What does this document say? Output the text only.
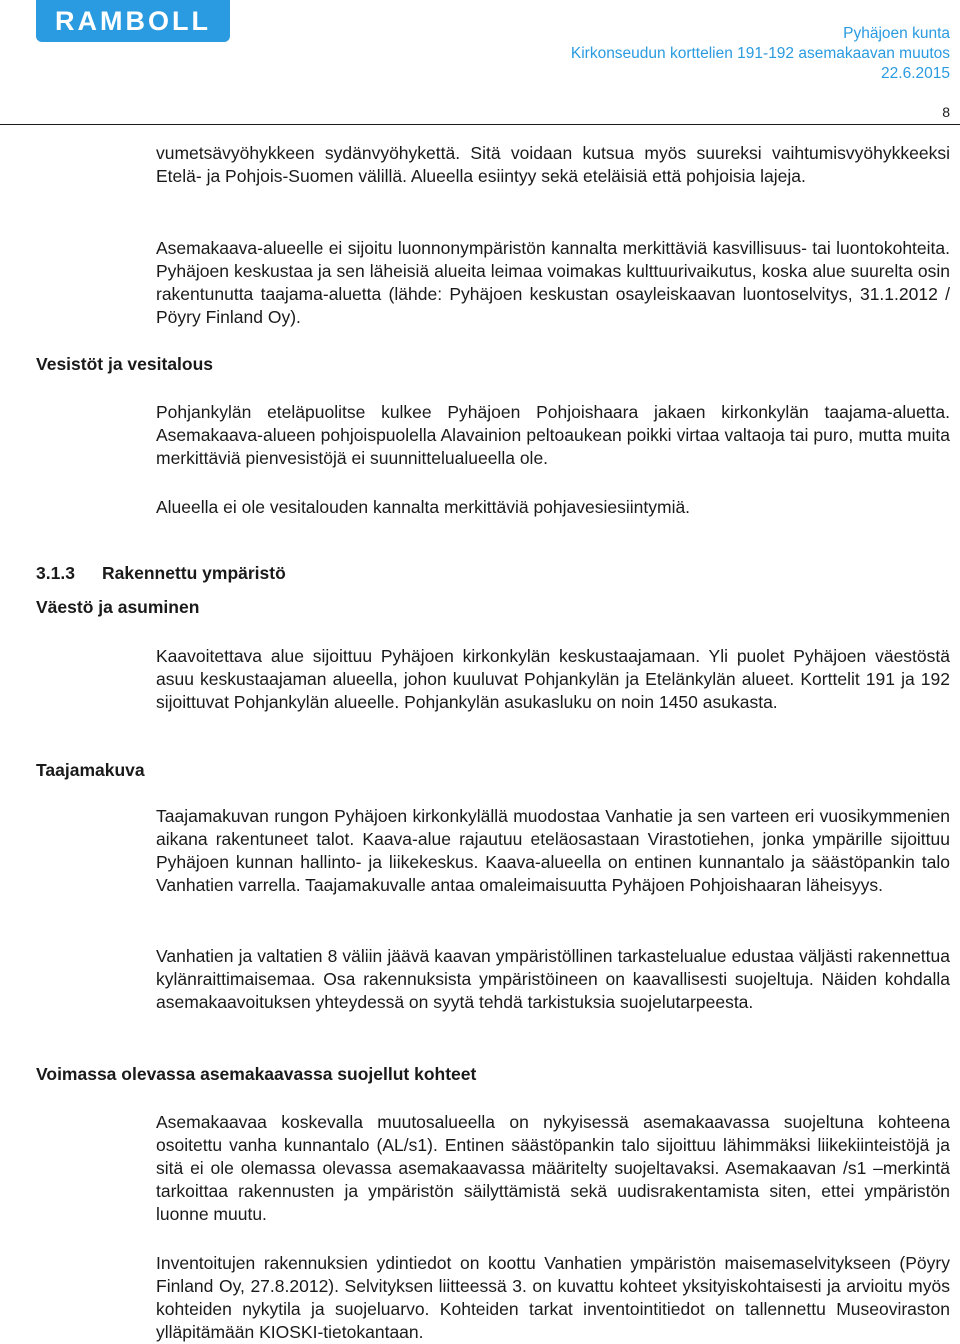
RAMBOLL	Pyhäjoen kunta
Kirkonseudun korttelien 191-192 asemakaavan muutos
22.6.2015
8
vumetsävyöhykkeen sydänvyöhykettä. Sitä voidaan kutsua myös suureksi vaihtumisvyöhykkeeksi Etelä- ja Pohjois-Suomen välillä. Alueella esiintyy sekä eteläisiä että pohjoisia lajeja.
Asemakaava-alueelle ei sijoitu luonnonympäristön kannalta merkittäviä kasvillisuus- tai luontokohteita. Pyhäjoen keskustaa ja sen läheisiä alueita leimaa voimakas kulttuurivaikutus, koska alue suurelta osin rakentunutta taajama-aluetta (lähde: Pyhäjoen keskustan osayleiskaavan luontoselvitys, 31.1.2012 / Pöyry Finland Oy).
Vesistöt ja vesitalous
Pohjankylän eteläpuolitse kulkee Pyhäjoen Pohjoishaara jakaen kirkonkylän taajama-aluetta. Asemakaava-alueen pohjoispuolella Alavainion peltoaukean poikki virtaa valtaoja tai puro, mutta muita merkittäviä pienvesistöjä ei suunnittelualueella ole.
Alueella ei ole vesitalouden kannalta merkittäviä pohjavesiesiintymiä.
3.1.3 Rakennettu ympäristö
Väestö ja asuminen
Kaavoitettava alue sijoittuu Pyhäjoen kirkonkylän keskustaajamaan. Yli puolet Pyhäjoen väestöstä asuu keskustaajaman alueella, johon kuuluvat Pohjankylän ja Etelänkylän alueet. Korttelit 191 ja 192 sijoittuvat Pohjankylän alueelle. Pohjankylän asukasluku on noin 1450 asukasta.
Taajamakuva
Taajamakuvan rungon Pyhäjoen kirkonkylällä muodostaa Vanhatie ja sen varteen eri vuosikymmenien aikana rakentuneet talot. Kaava-alue rajautuu eteläosastaan Virastotiehen, jonka ympärille sijoittuu Pyhäjoen kunnan hallinto- ja liikekeskus. Kaava-alueella on entinen kunnantalo ja säästöpankin talo Vanhatien varrella. Taajamakuvalle antaa omaleimaisuutta Pyhäjoen Pohjoishaaran läheisyys.
Vanhatien ja valtatien 8 väliin jäävä kaavan ympäristöllinen tarkastelualue edustaa väljästi rakennettua kylänraittimaisemaa. Osa rakennuksista ympäristöineen on kaavallisesti suojeltuja. Näiden kohdalla asemakaavoituksen yhteydessä on syytä tehdä tarkistuksia suojelutarpeesta.
Voimassa olevassa asemakaavassa suojellut kohteet
Asemakaavaa koskevalla muutosalueella on nykyisessä asemakaavassa suojeltuna kohteena osoitettu vanha kunnantalo (AL/s1). Entinen säästöpankin talo sijoittuu lähimmäksi liikekiinteistöjä ja sitä ei ole olemassa olevassa asemakaavassa määritelty suojeltavaksi. Asemakaavan /s1 –merkintä tarkoittaa rakennusten ja ympäristön säilyttämistä sekä uudisrakentamista siten, ettei ympäristön luonne muutu.
Inventoitujen rakennuksien ydintiedot on koottu Vanhatien ympäristön maisemaselvitykseen (Pöyry Finland Oy, 27.8.2012). Selvityksen liitteessä 3. on kuvattu kohteet yksityiskohtaisesti ja arvioitu myös kohteiden nykytila ja suojeluarvo. Kohteiden tarkat inventointitiedot on tallennettu Museoviraston ylläpitämään KIOSKI-tietokantaan.
